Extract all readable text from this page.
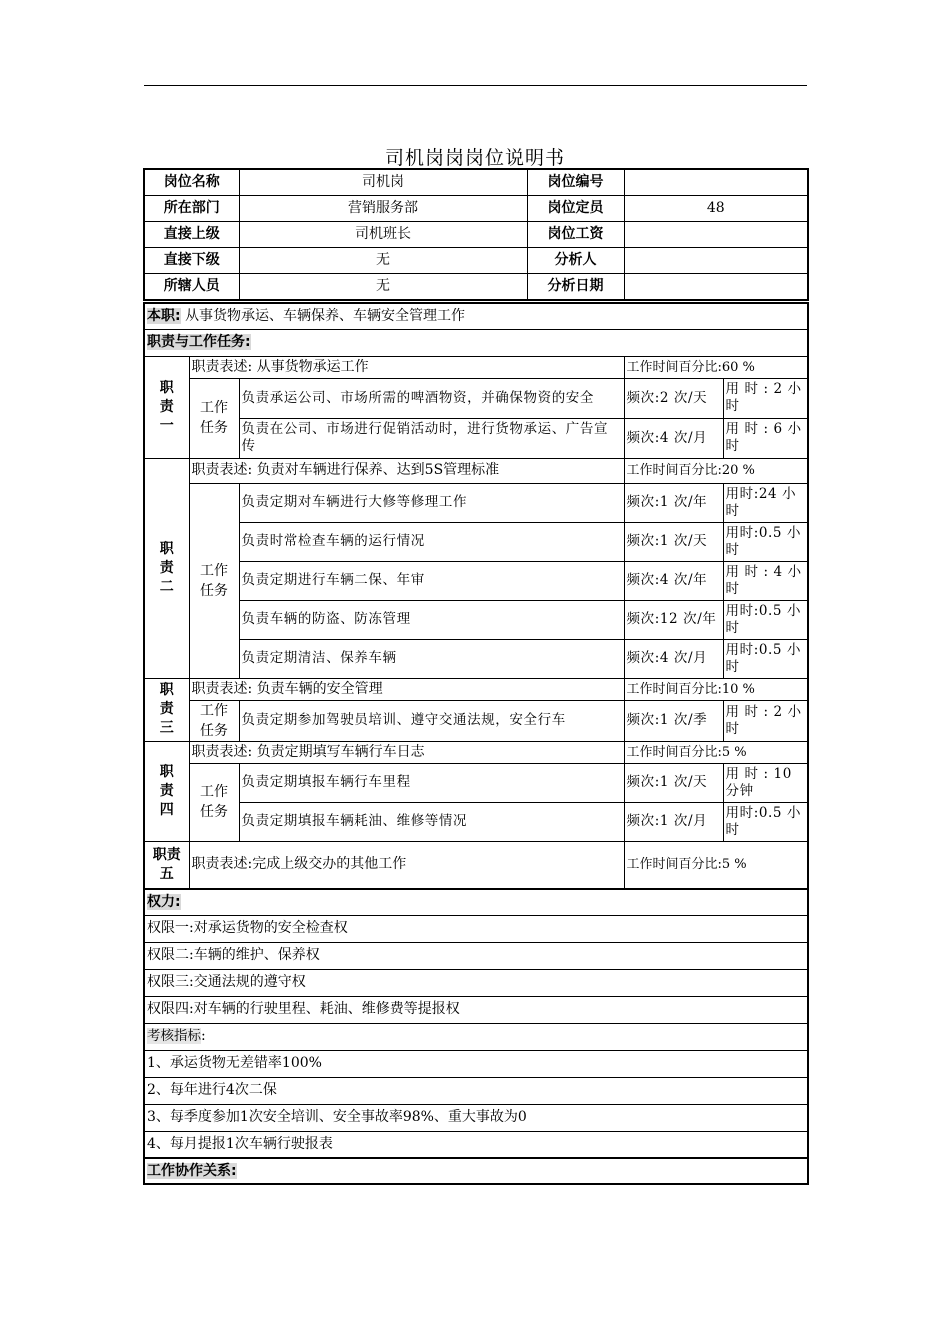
司机岗岗岗位说明书
岗位名称	司机岗	岗位编号	
所在部门	营销服务部	岗位定员	48
直接上级	司机班长	岗位工资	
直接下级	无	分析人	
所辖人员	无	分析日期	
本职: 从事货物承运、车辆保养、车辆安全管理工作				
职责与工作任务:				

职
责
一	职责表述: 从事货物承运工作		工作时间百分比:60 %	

	工作任务	负责承运公司、市场所需的啤酒物资，并确保物资的安全	频次:2 次/天	用 时 : 2 小时
		负责在公司、市场进行促销活动时，进行货物承运、广告宣传	频次:4 次/月	用 时 : 6 小时

职
责
二	职责表述: 负责对车辆进行保养、达到5S管理标准		工作时间百分比:20 %	

	工作任务	负责定期对车辆进行大修等修理工作	频次:1 次/年	用时:24 小时
		负责时常检查车辆的运行情况	频次:1 次/天	用时:0.5 小时
		负责定期进行车辆二保、年审	频次:4 次/年	用 时 : 4 小时
		负责车辆的防盗、防冻管理	频次:12 次/年	用时:0.5 小时
		负责定期清洁、保养车辆	频次:4 次/月	用时:0.5 小时

职
责
三	职责表述: 负责车辆的安全管理		工作时间百分比:10 %	

	工作任务	负责定期参加驾驶员培训、遵守交通法规，安全行车	频次:1 次/季	用 时 : 2 小时

职
责
四	职责表述: 负责定期填写车辆行车日志		工作时间百分比:5 %	

	工作任务	负责定期填报车辆行车里程	频次:1 次/天	用 时 : 10 分钟
		负责定期填报车辆耗油、维修等情况	频次:1 次/月	用时:0.5 小时

职责
五	职责表述:完成上级交办的其他工作		工作时间百分比:5 %	
权力:				
权限一:对承运货物的安全检查权				
权限二:车辆的维护、保养权				
权限三:交通法规的遵守权				
权限四:对车辆的行驶里程、耗油、维修费等提报权				
考核指标:				
1、承运货物无差错率100%				
2、每年进行4次二保				
3、每季度参加1次安全培训、安全事故率98%、重大事故为0				
4、每月提报1次车辆行驶报表				
工作协作关系:				
